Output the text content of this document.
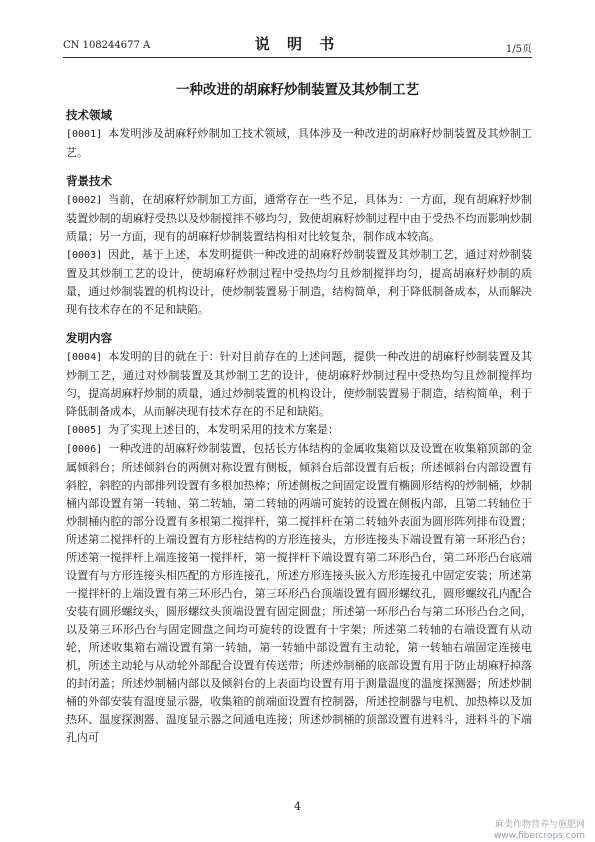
CN 108244677 A	说 明 书	1/5页
一种改进的胡麻籽炒制装置及其炒制工艺

技术领域

[0001] 本发明涉及胡麻籽炒制加工技术领域，具体涉及一种改进的胡麻籽炒制装置及其炒制工艺。

背景技术

[0002] 当前，在胡麻籽炒制加工方面，通常存在一些不足，具体为：一方面，现有胡麻籽炒制装置炒制的胡麻籽受热以及炒制搅拌不够均匀，致使胡麻籽炒制过程中由于受热不均而影响炒制质量；另一方面，现有的胡麻籽炒制装置结构相对比较复杂，制作成本较高。

[0003] 因此，基于上述，本发明提供一种改进的胡麻籽炒制装置及其炒制工艺，通过对炒制装置及其炒制工艺的设计，使胡麻籽炒制过程中受热均匀且炒制搅拌均匀，提高胡麻籽炒制的质量，通过炒制装置的机构设计，使炒制装置易于制造，结构简单，利于降低制备成本，从而解决现有技术存在的不足和缺陷。

发明内容

[0004] 本发明的目的就在于：针对目前存在的上述问题，提供一种改进的胡麻籽炒制装置及其炒制工艺，通过对炒制装置及其炒制工艺的设计，使胡麻籽炒制过程中受热均匀且炒制搅拌均匀，提高胡麻籽炒制的质量，通过炒制装置的机构设计，使炒制装置易于制造，结构简单，利于降低制备成本，从而解决现有技术存在的不足和缺陷。

[0005] 为了实现上述目的，本发明采用的技术方案是：

[0006] 一种改进的胡麻籽炒制装置，包括长方体结构的金属收集箱以及设置在收集箱顶部的金属倾斜台；所述倾斜台的两侧对称设置有侧板，倾斜台后部设置有后板；所述倾斜台内部设置有斜腔，斜腔的内部排列设置有多根加热棒；所述侧板之间固定设置有椭圆形结构的炒制桶，炒制桶内部设置有第一转轴、第二转轴，第二转轴的两端可旋转的设置在侧板内部，且第二转轴位于炒制桶内腔的部分设置有多根第二搅拌杆，第二搅拌杆在第二转轴外表面为圆形阵列排布设置；所述第二搅拌杆的上端设置有方形柱结构的方形连接头，方形连接头下端设置有第一环形凸台；所述第一搅拌杆上端连接第一搅拌杆，第一搅拌杆下端设置有第二环形凸台，第二环形凸台底端设置有与方形连接头相匹配的方形连接孔，所述方形连接头嵌入方形连接孔中固定安装；所述第一搅拌杆的上端设置有第三环形凸台，第三环形凸台顶端设置有圆形螺纹孔，圆形螺纹孔内配合安装有圆形螺纹头，圆形螺纹头顶端设置有固定圆盘；所述第一环形凸台与第二环形凸台之间，以及第三环形凸台与固定圆盘之间均可旋转的设置有十字架；所述第二转轴的右端设置有从动轮，所述收集箱右端设置有第一转轴，第一转轴中部设置有主动轮，第一转轴右端固定连接电机，所述主动轮与从动轮外部配合设置有传送带；所述炒制桶的底部设置有用于防止胡麻籽掉落的封闭盖；所述炒制桶内部以及倾斜台的上表面均设置有用于测量温度的温度探测器；所述炒制桶的外部安装有温度显示器，收集箱的前端面设置有控制器，所述控制器与电机、加热棒以及加热环、温度探测器、温度显示器之间通电连接；所述炒制桶的顶部设置有进料斗，进料斗的下端孔内可

4
麻类作物营养与施肥网
www.fibercrops.com
